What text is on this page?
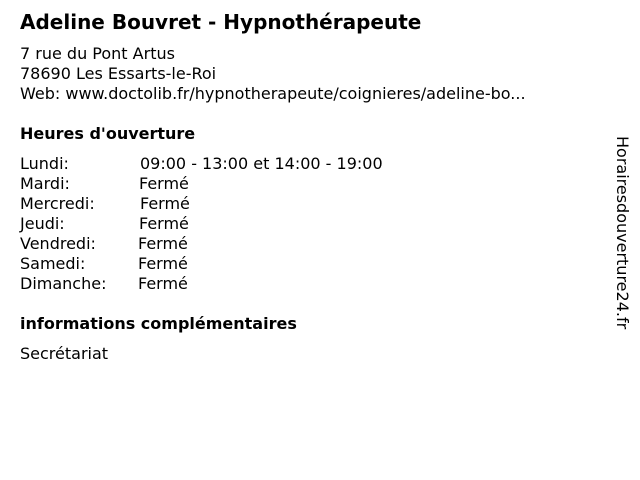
Adeline Bouvret - Hypnothérapeute
7 rue du Pont Artus
78690 Les Essarts-le-Roi
Web: www.doctolib.fr/hypnotherapeute/coignieres/adeline-bo...
Heures d'ouverture
Lundi:	09:00 - 13:00 et 14:00 - 19:00
Mardi:	Fermé
Mercredi:	Fermé
Jeudi:	Fermé
Vendredi:	Fermé
Samedi:	Fermé
Dimanche: Fermé
informations complémentaires
Secrétariat
Horairesdouverture24.fr
